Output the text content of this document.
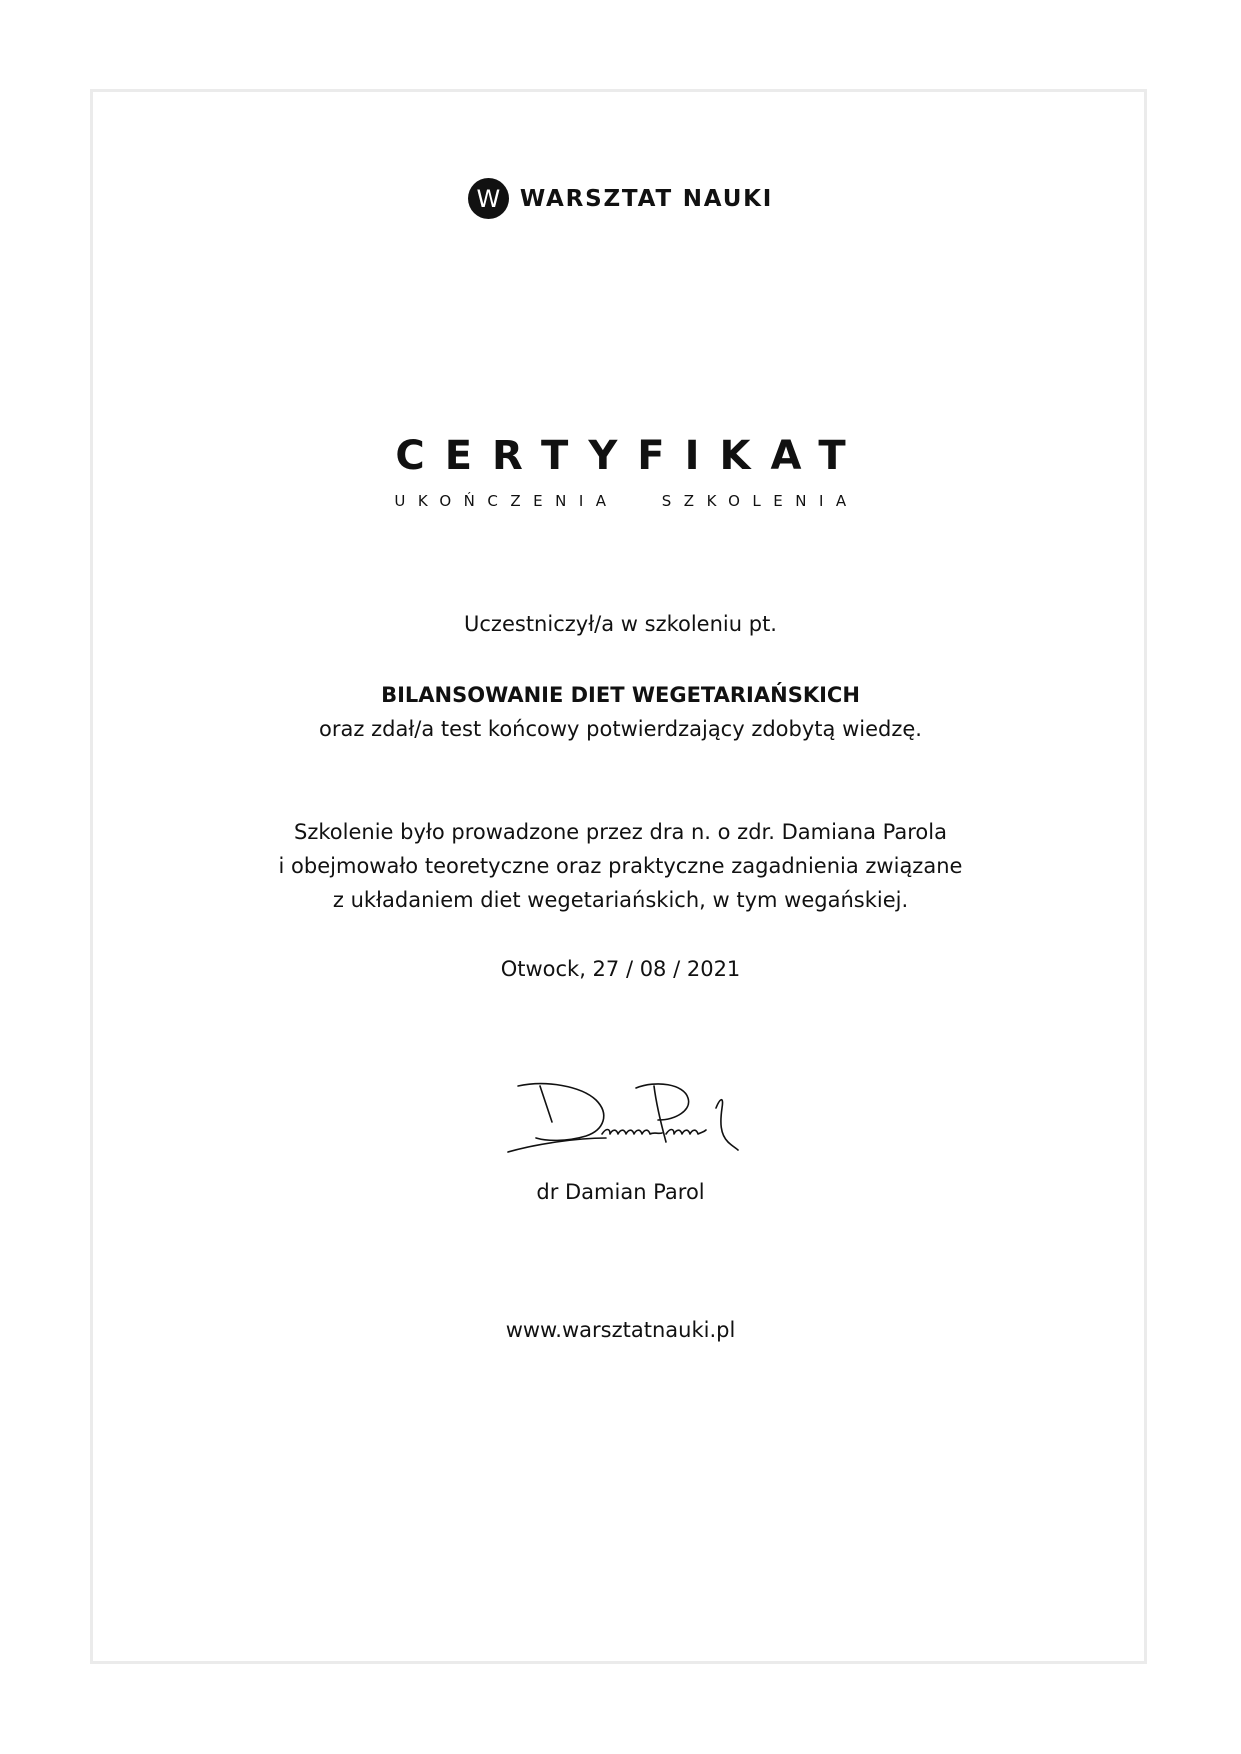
W WARSZTAT NAUKI
CERTYFIKAT
UKOŃCZENIA SZKOLENIA
Uczestniczył/a w szkoleniu pt.
BILANSOWANIE DIET WEGETARIAŃSKICH
oraz zdał/a test końcowy potwierdzający zdobytą wiedzę.
Szkolenie było prowadzone przez dra n. o zdr. Damiana Parola
i obejmowało teoretyczne oraz praktyczne zagadnienia związane
z układaniem diet wegetariańskich, w tym wegańskiej.
Otwock, 27 / 08 / 2021
dr Damian Parol
www.warsztatnauki.pl
